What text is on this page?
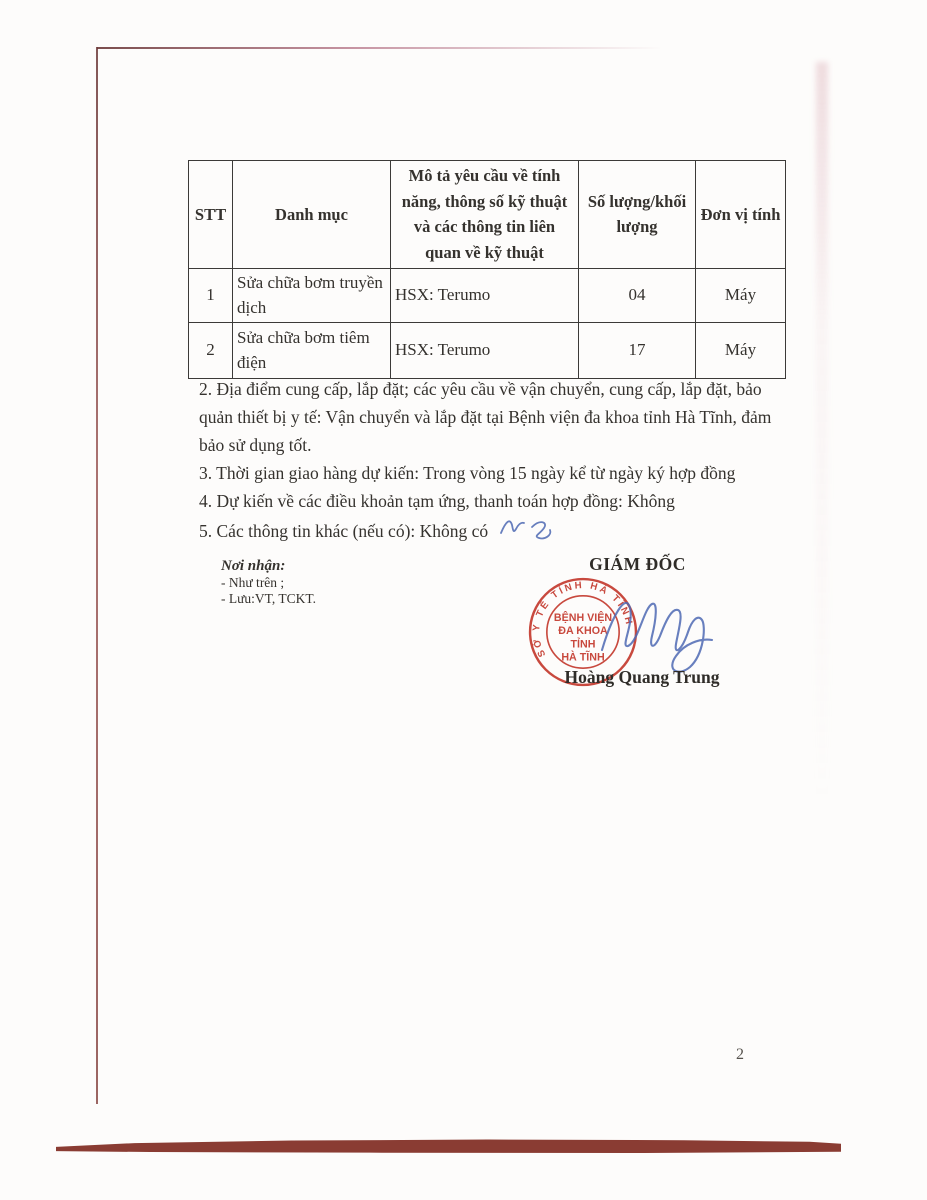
STT	Danh mục	Mô tả yêu cầu về tính năng, thông số kỹ thuật và các thông tin liên quan về kỹ thuật	Số lượng/khối lượng	Đơn vị tính
1	Sửa chữa bơm truyền dịch	HSX: Terumo	04	Máy
2	Sửa chữa bơm tiêm điện	HSX: Terumo	17	Máy

2. Địa điểm cung cấp, lắp đặt; các yêu cầu về vận chuyển, cung cấp, lắp đặt, bảo quản thiết bị y tế: Vận chuyển và lắp đặt tại Bệnh viện đa khoa tỉnh Hà Tĩnh, đảm bảo sử dụng tốt.

3. Thời gian giao hàng dự kiến: Trong vòng 15 ngày kể từ ngày ký hợp đồng

4. Dự kiến về các điều khoản tạm ứng, thanh toán hợp đồng: Không

5. Các thông tin khác (nếu có): Không có

Nơi nhận:
- Như trên ;
- Lưu:VT, TCKT.
GIÁM ĐỐC
SỞ Y TẾ TỈNH HÀ TĨNH
BỆNH VIỆN
ĐA KHOA
TỈNH
HÀ TĨNH
Hoàng Quang Trung
2
